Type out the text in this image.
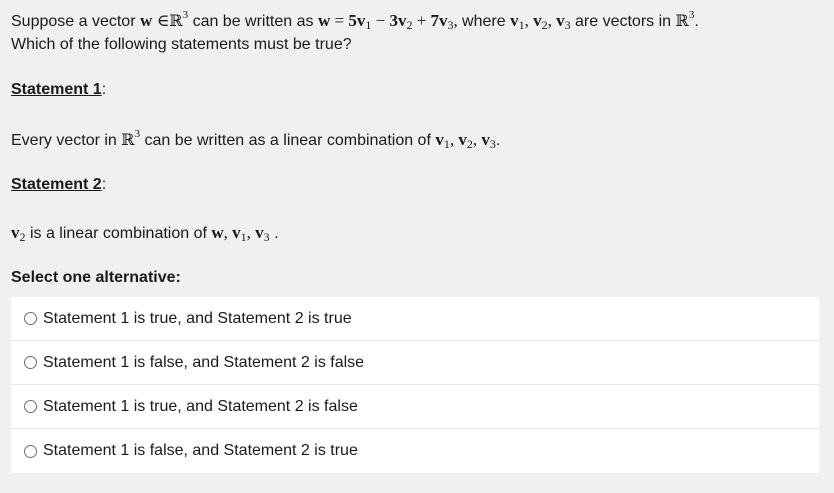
Suppose a vector w ∈ℝ$^3$ can be written as $w = 5v_1 - 3v_2 + 7v_3$, where $v_1$, $v_2$, $v_3$ are vectors in ℝ$^3$.
Which of the following statements must be true?
Statement 1:
Every vector in ℝ$^3$ can be written as a linear combination of $v_1$, $v_2$, $v_3$.
Statement 2:
$v_2$ is a linear combination of w, $v_1$, $v_3$ .
Select one alternative:
Statement 1 is true, and Statement 2 is true
Statement 1 is false, and Statement 2 is false
Statement 1 is true, and Statement 2 is false
Statement 1 is false, and Statement 2 is true
